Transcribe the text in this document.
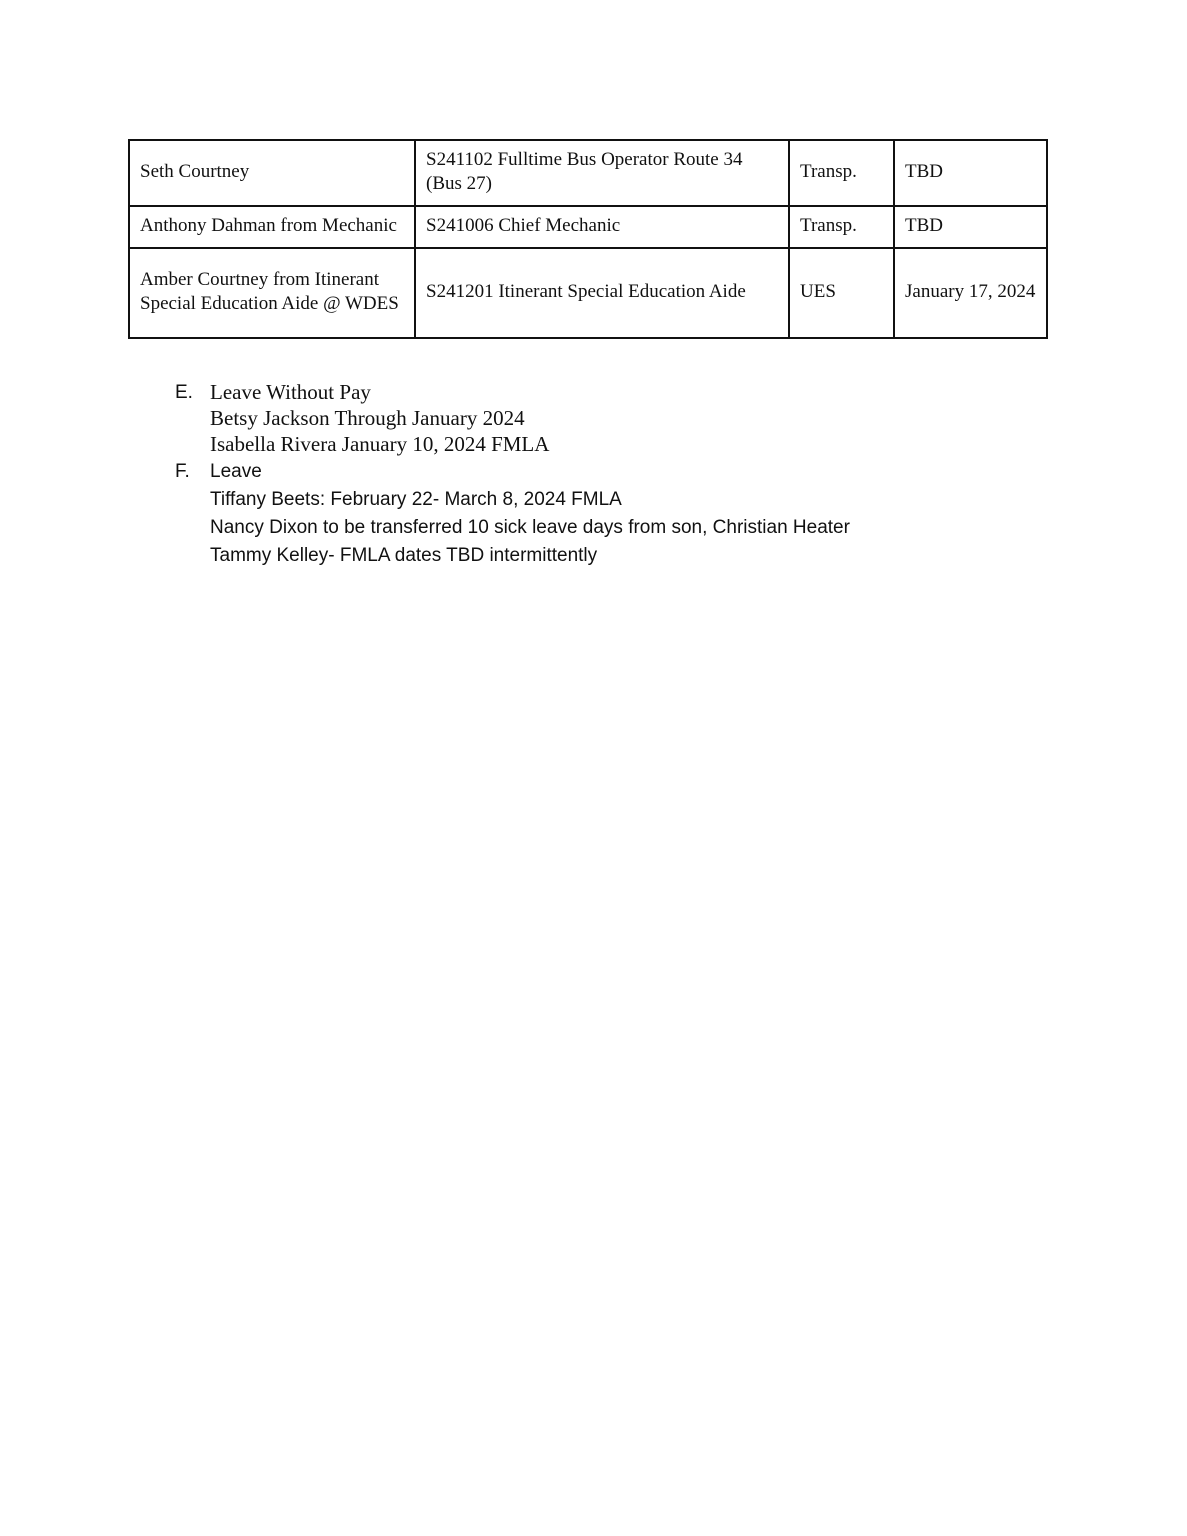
Seth Courtney	S241102 Fulltime Bus Operator Route 34 (Bus 27)	Transp.	TBD
Anthony Dahman from Mechanic	S241006 Chief Mechanic	Transp.	TBD
Amber Courtney from Itinerant Special Education Aide @ WDES	S241201 Itinerant Special Education Aide	UES	January 17, 2024
E. Leave Without Pay
Betsy Jackson Through January 2024
Isabella Rivera January 10, 2024 FMLA
F. Leave
Tiffany Beets: February 22- March 8, 2024 FMLA
Nancy Dixon to be transferred 10 sick leave days from son, Christian Heater
Tammy Kelley- FMLA dates TBD intermittently
